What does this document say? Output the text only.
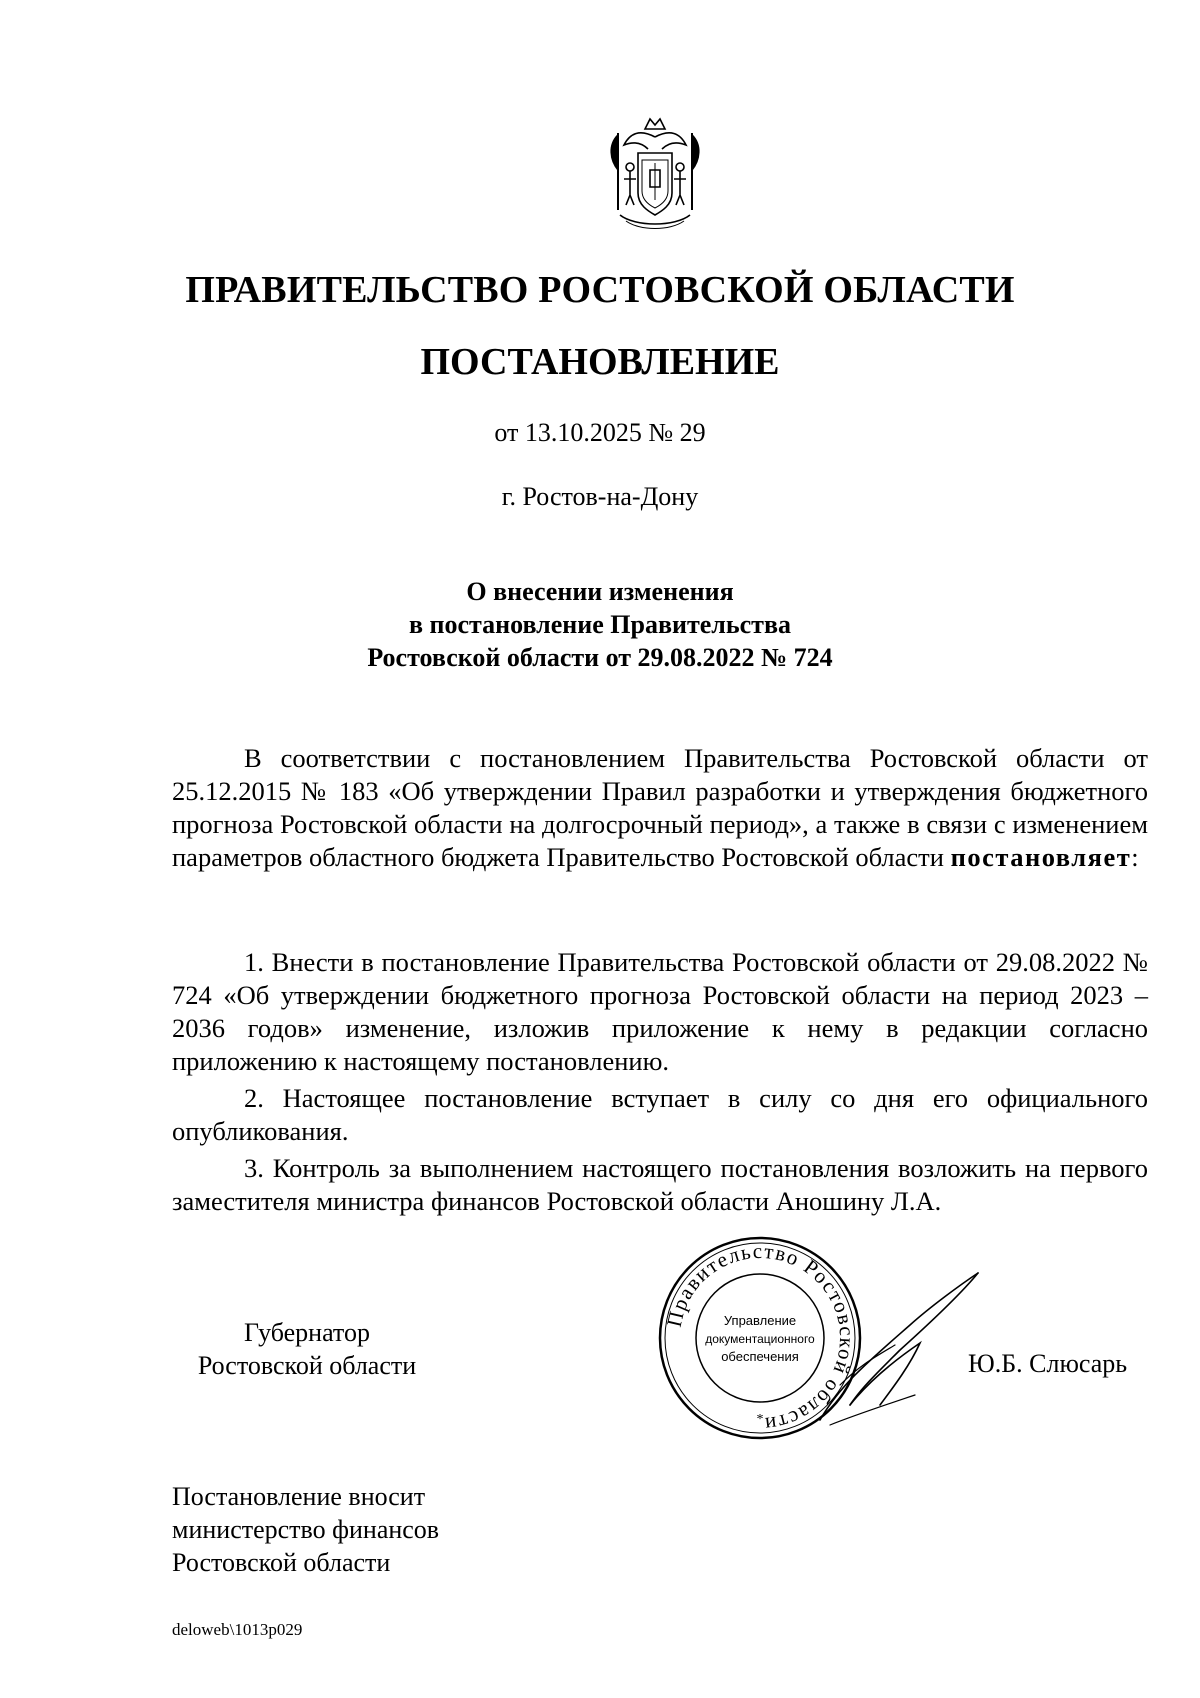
ПРАВИТЕЛЬСТВО РОСТОВСКОЙ ОБЛАСТИ
ПОСТАНОВЛЕНИЕ
от 13.10.2025 № 29
г. Ростов-на-Дону
О внесении изменения
в постановление Правительства
Ростовской области от 29.08.2022 № 724

В соответствии с постановлением Правительства Ростовской области от 25.12.2015 № 183 «Об утверждении Правил разработки и утверждения бюджетного прогноза Ростовской области на долгосрочный период», а также в связи с изменением параметров областного бюджета Правительство Ростовской области постановляет:

1. Внести в постановление Правительства Ростовской области от 29.08.2022 № 724 «Об утверждении бюджетного прогноза Ростовской области на период 2023 – 2036 годов» изменение, изложив приложение к нему в редакции согласно приложению к настоящему постановлению.

2. Настоящее постановление вступает в силу со дня его официального опубликования.

3. Контроль за выполнением настоящего постановления возложить на первого заместителя министра финансов Ростовской области Аношину Л.А.

Губернатор
Ростовской области
Правительство Ростовской области
Управление
документационного
обеспечения
*
Ю.Б. Слюсарь
Постановление вносит
министерство финансов
Ростовской области
deloweb\1013p029
